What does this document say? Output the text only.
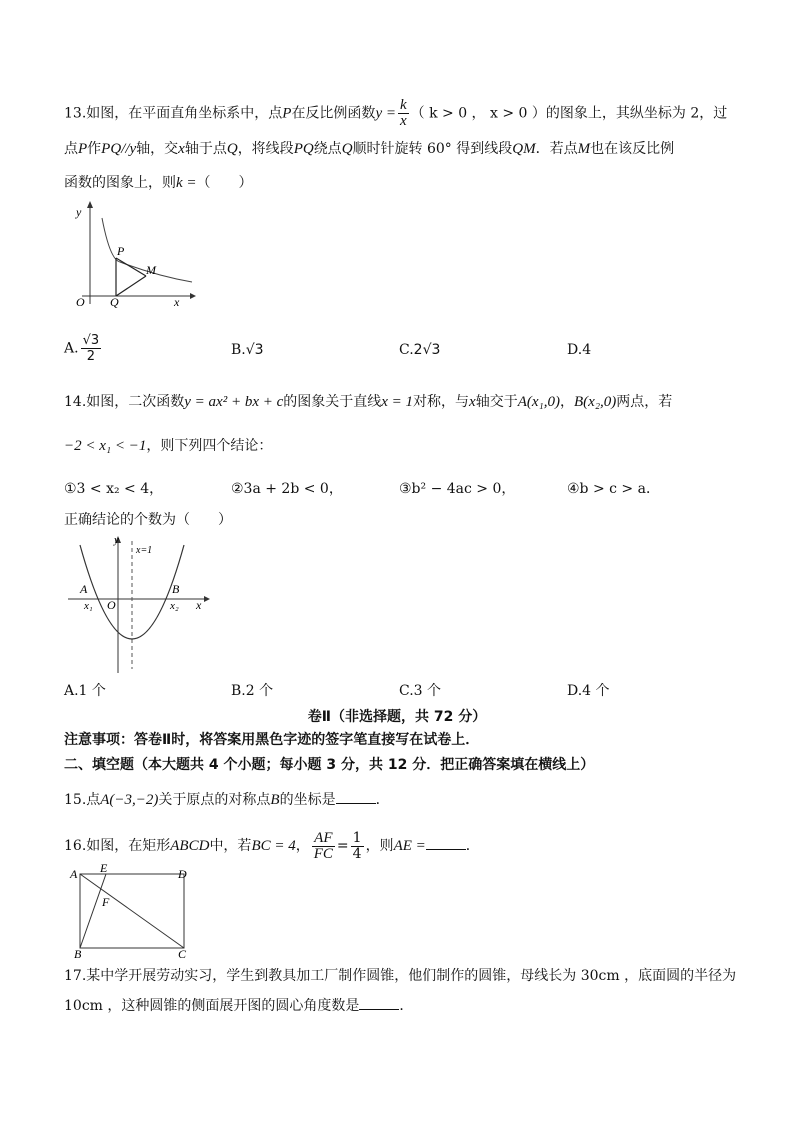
13.如图，在平面直角坐标系中，点P在反比例函数$y = \frac{k}{x}$ （ k > 0 ， x > 0 ）的图象上，其纵坐标为 2，过
点P作PQ//y轴，交x轴于点Q，将线段PQ绕点Q顺时针旋转 60° 得到线段QM．若点M也在该反比例
函数的图象上，则k =（　　）
y
x
O
P
Q
M
A. $\frac{√3}{2}$	B.√3	C.2√3	D.4
14.如图，二次函数y = ax² + bx + c的图象关于直线x = 1对称，与x轴交于A(x₁,0)，B(x₂,0)两点，若
−2 < x₁ < −1，则下列四个结论：
①3 < x₂ < 4，	②3a + 2b < 0，	③b² − 4ac > 0，	④b > c > a．
正确结论的个数为（　　）
y
x
O
A	B
x₁	x₂
x=1
A.1 个	B.2 个	C.3 个	D.4 个
卷Ⅱ（非选择题，共 72 分）
注意事项：答卷Ⅱ时，将答案用黑色字迹的签字笔直接写在试卷上．
二、填空题（本大题共 4 个小题；每小题 3 分，共 12 分．把正确答案填在横线上）
15.点A(−3,−2)关于原点的对称点B的坐标是	．
16.如图，在矩形ABCD中，若BC = 4， $\frac{AF}{FC} = \frac{1}{4}$ ，则AE =	．
A	D
B	C
E
F
17.某中学开展劳动实习，学生到教具加工厂制作圆锥，他们制作的圆锥，母线长为 30cm ，底面圆的半径为
10cm ，这种圆锥的侧面展开图的圆心角度数是	．
